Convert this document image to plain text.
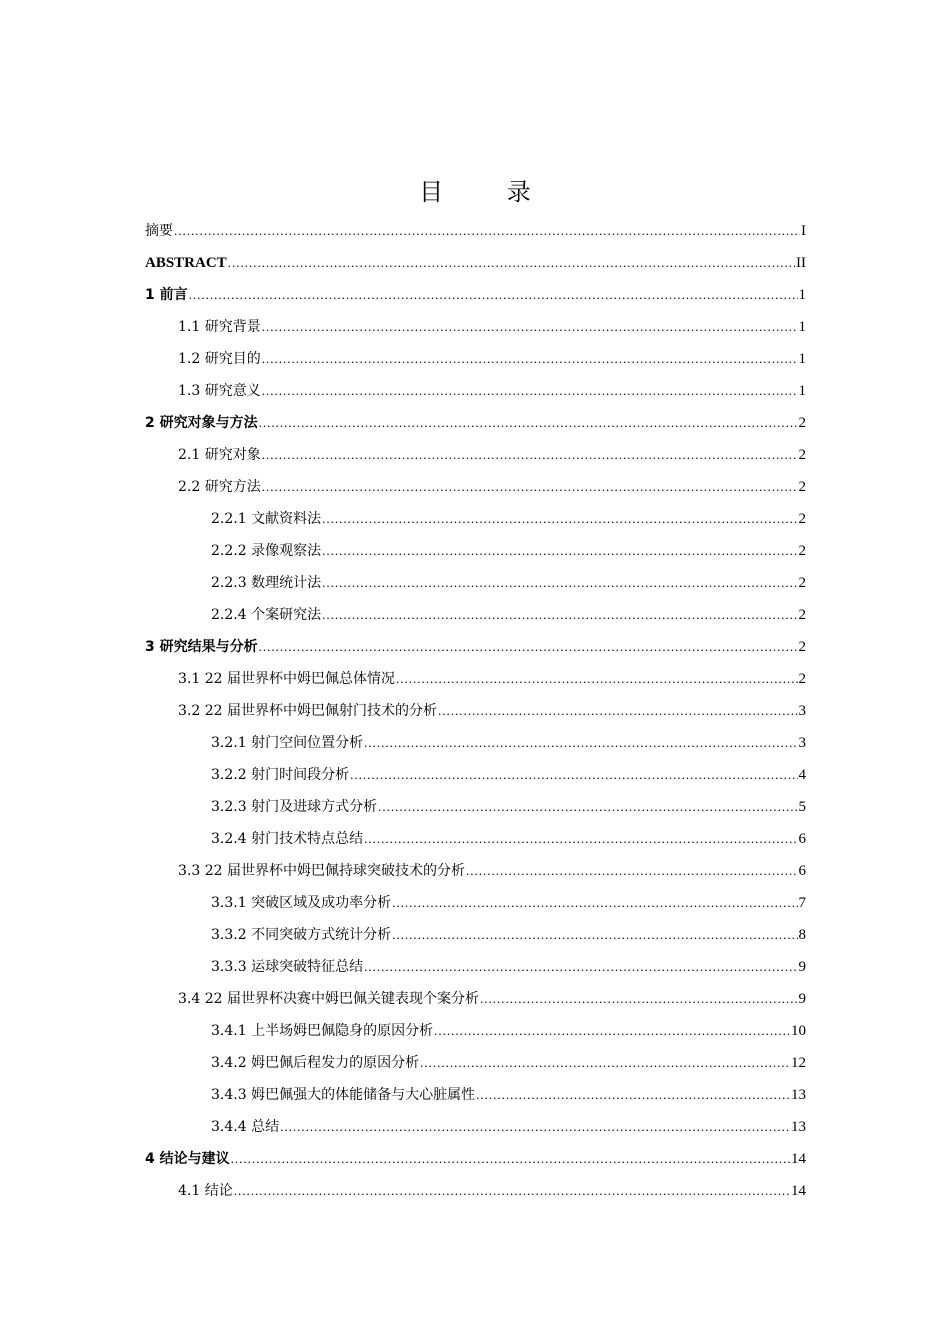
目 录
摘要 .....	I
ABSTRACT .....	II
1 前言 .....	1
1.1 研究背景 .....	1
1.2 研究目的 .....	1
1.3 研究意义 .....	1
2 研究对象与方法 .....	2
2.1 研究对象 .....	2
2.2 研究方法 .....	2
2.2.1 文献资料法 .....	2
2.2.2 录像观察法 .....	2
2.2.3 数理统计法 .....	2
2.2.4 个案研究法 .....	2
3 研究结果与分析 .....	2
3.1 22 届世界杯中姆巴佩总体情况 .....	2
3.2 22 届世界杯中姆巴佩射门技术的分析 .....	3
3.2.1 射门空间位置分析 .....	3
3.2.2 射门时间段分析 .....	4
3.2.3 射门及进球方式分析 .....	5
3.2.4 射门技术特点总结 .....	6
3.3 22 届世界杯中姆巴佩持球突破技术的分析 .....	6
3.3.1 突破区域及成功率分析 .....	7
3.3.2 不同突破方式统计分析 .....	8
3.3.3 运球突破特征总结 .....	9
3.4 22 届世界杯决赛中姆巴佩关键表现个案分析 .....	9
3.4.1 上半场姆巴佩隐身的原因分析 .....	10
3.4.2 姆巴佩后程发力的原因分析 .....	12
3.4.3 姆巴佩强大的体能储备与大心脏属性 .....	13
3.4.4 总结 .....	13
4 结论与建议 .....	14
4.1 结论 .....	14
